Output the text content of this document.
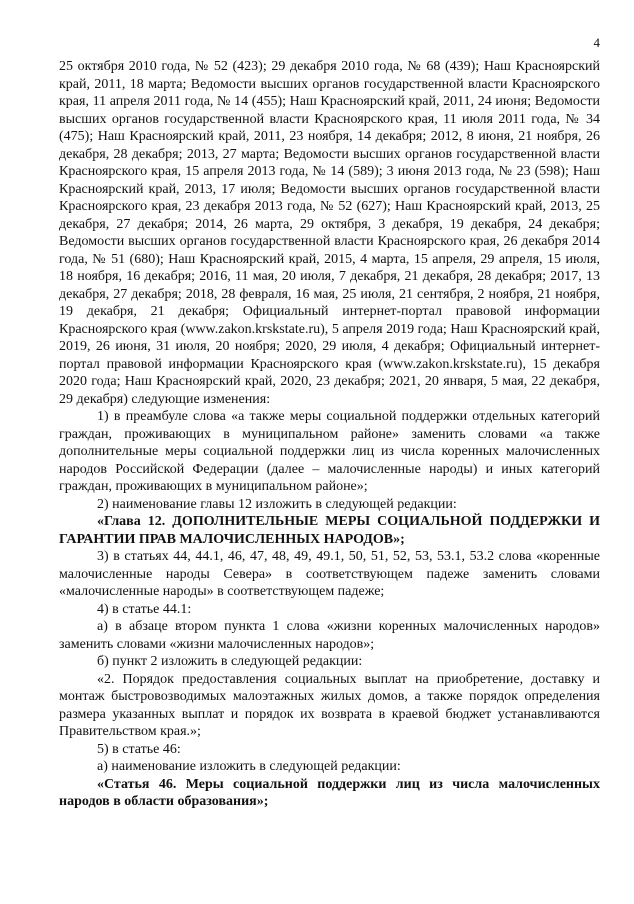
4

25 октября 2010 года, № 52 (423); 29 декабря 2010 года, № 68 (439); Наш Красноярский край, 2011, 18 марта; Ведомости высших органов государственной власти Красноярского края, 11 апреля 2011 года, № 14 (455); Наш Красноярский край, 2011, 24 июня; Ведомости высших органов государственной власти Красноярского края, 11 июля 2011 года, № 34 (475); Наш Красноярский край, 2011, 23 ноября, 14 декабря; 2012, 8 июня, 21 ноября, 26 декабря, 28 декабря; 2013, 27 марта; Ведомости высших органов государственной власти Красноярского края, 15 апреля 2013 года, № 14 (589); 3 июня 2013 года, № 23 (598); Наш Красноярский край, 2013, 17 июля; Ведомости высших органов государственной власти Красноярского края, 23 декабря 2013 года, № 52 (627); Наш Красноярский край, 2013, 25 декабря, 27 декабря; 2014, 26 марта, 29 октября, 3 декабря, 19 декабря, 24 декабря; Ведомости высших органов государственной власти Красноярского края, 26 декабря 2014 года, № 51 (680); Наш Красноярский край, 2015, 4 марта, 15 апреля, 29 апреля, 15 июля, 18 ноября, 16 декабря; 2016, 11 мая, 20 июля, 7 декабря, 21 декабря, 28 декабря; 2017, 13 декабря, 27 декабря; 2018, 28 февраля, 16 мая, 25 июля, 21 сентября, 2 ноября, 21 ноября, 19 декабря, 21 декабря; Официальный интернет-портал правовой информации Красноярского края (www.zakon.krskstate.ru), 5 апреля 2019 года; Наш Красноярский край, 2019, 26 июня, 31 июля, 20 ноября; 2020, 29 июля, 4 декабря; Официальный интернет-портал правовой информации Красноярского края (www.zakon.krskstate.ru), 15 декабря 2020 года; Наш Красноярский край, 2020, 23 декабря; 2021, 20 января, 5 мая, 22 декабря, 29 декабря) следующие изменения:

1) в преамбуле слова «а также меры социальной поддержки отдельных категорий граждан, проживающих в муниципальном районе» заменить словами «а также дополнительные меры социальной поддержки лиц из числа коренных малочисленных народов Российской Федерации (далее – малочисленные народы) и иных категорий граждан, проживающих в муниципальном районе»;

2) наименование главы 12 изложить в следующей редакции:

«Глава 12. ДОПОЛНИТЕЛЬНЫЕ МЕРЫ СОЦИАЛЬНОЙ ПОДДЕРЖКИ И ГАРАНТИИ ПРАВ МАЛОЧИСЛЕННЫХ НАРОДОВ»;

3) в статьях 44, 44.1, 46, 47, 48, 49, 49.1, 50, 51, 52, 53, 53.1, 53.2 слова «коренные малочисленные народы Севера» в соответствующем падеже заменить словами «малочисленные народы» в соответствующем падеже;

4) в статье 44.1:

а) в абзаце втором пункта 1 слова «жизни коренных малочисленных народов» заменить словами «жизни малочисленных народов»;

б) пункт 2 изложить в следующей редакции:

«2. Порядок предоставления социальных выплат на приобретение, доставку и монтаж быстровозводимых малоэтажных жилых домов, а также порядок определения размера указанных выплат и порядок их возврата в краевой бюджет устанавливаются Правительством края.»;

5) в статье 46:

а) наименование изложить в следующей редакции:

«Статья 46. Меры социальной поддержки лиц из числа малочисленных народов в области образования»;
